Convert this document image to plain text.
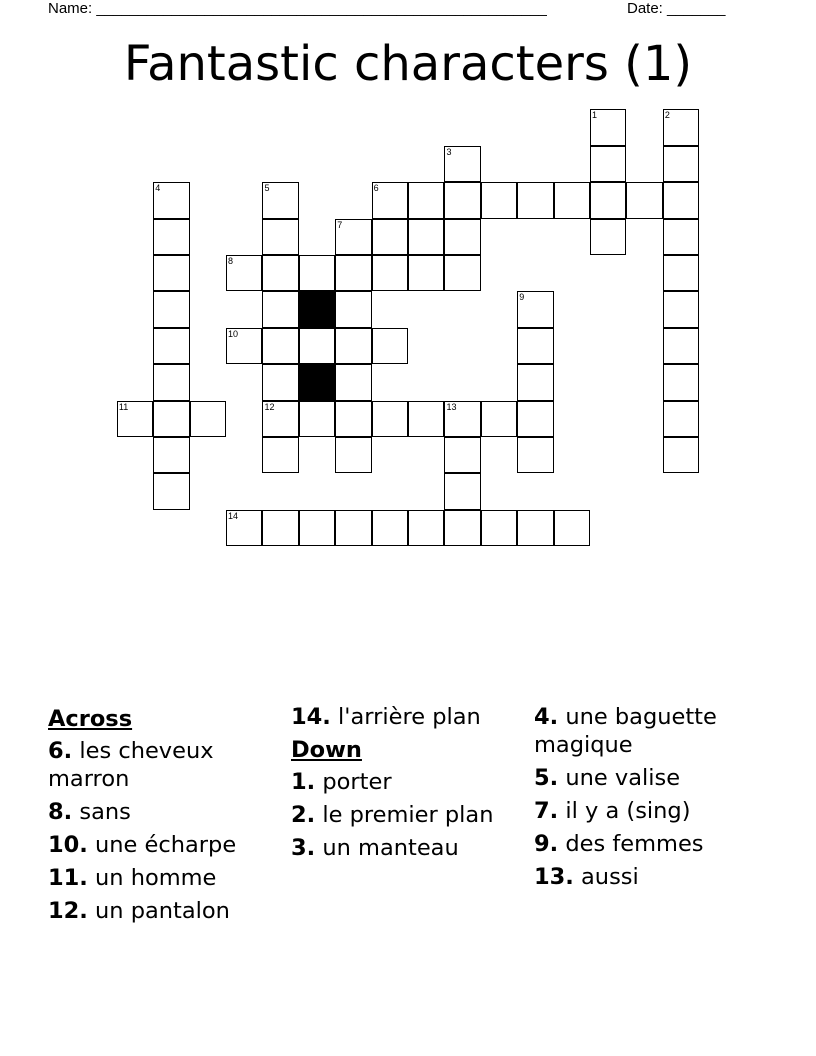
Name: ______________________________________________________	Date: _______
Fantastic characters (1)
1	2
3
4	5	6
7
8
9
10
11	12	13
14
Across
6. les cheveux marron
8. sans
10. une écharpe
11. un homme
12. un pantalon
14. l'arrière plan
Down
1. porter
2. le premier plan
3. un manteau
4. une baguette magique
5. une valise
7. il y a (sing)
9. des femmes
13. aussi
